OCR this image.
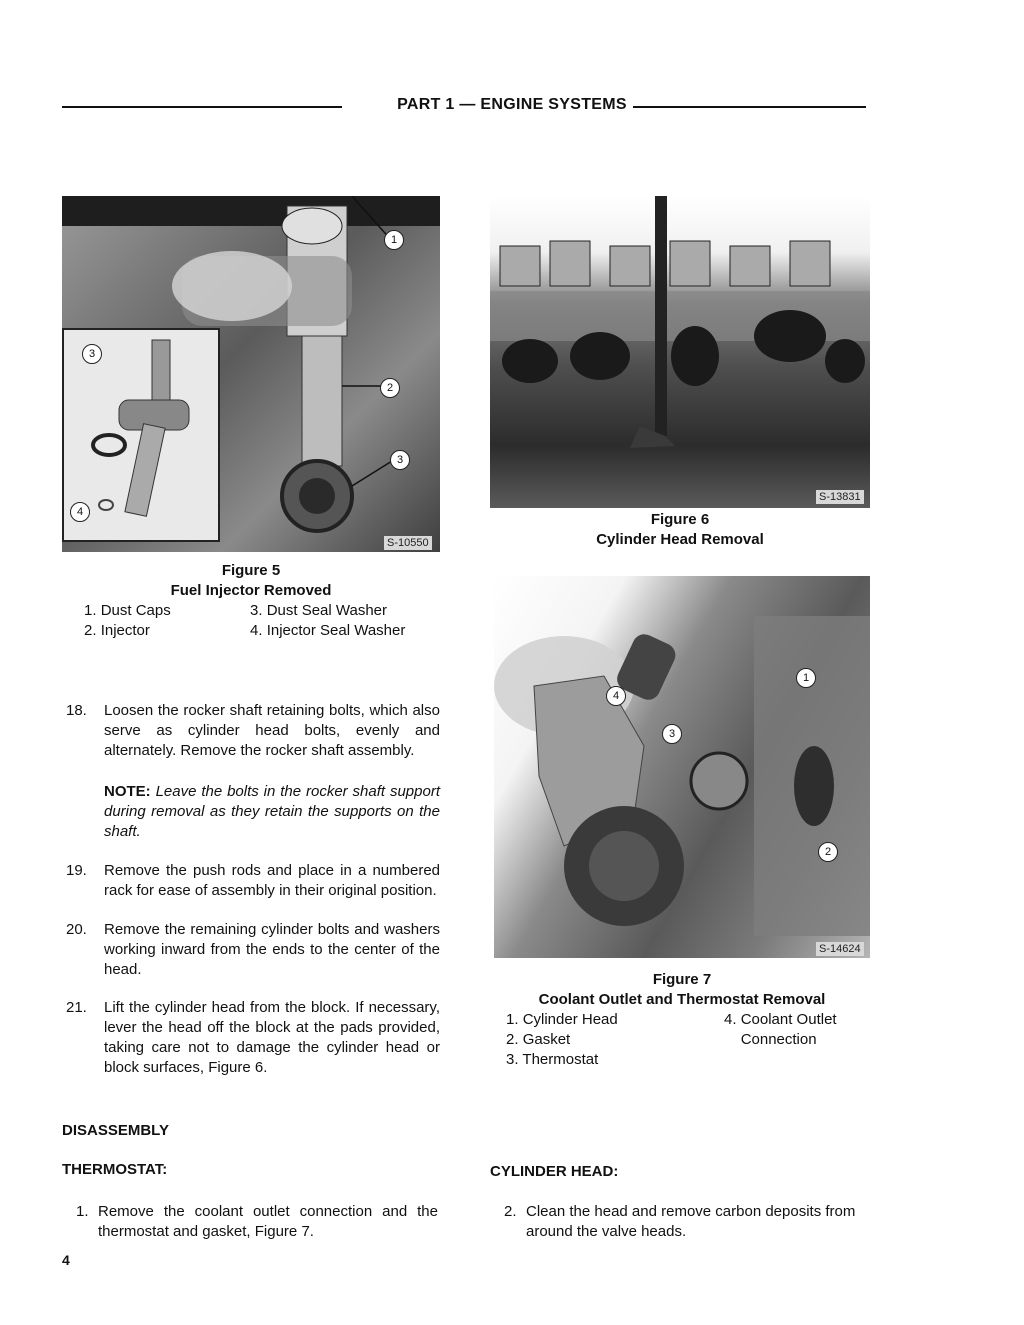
PART 1 — ENGINE SYSTEMS
1
2
3
3
4
S-10550
Figure 5
Fuel Injector Removed
1. Dust Caps
2. Injector
3. Dust Seal Washer
4. Injector Seal Washer
S-13831
Figure 6
Cylinder Head Removal
1
2
3
4
S-14624
Figure 7
Coolant Outlet and Thermostat Removal
1. Cylinder Head
2. Gasket
3. Thermostat
4. Coolant Outlet Connection
18. Loosen the rocker shaft retaining bolts, which also serve as cylinder head bolts, evenly and alternately. Remove the rocker shaft assembly.
NOTE: Leave the bolts in the rocker shaft support during removal as they retain the supports on the shaft.
19. Remove the push rods and place in a numbered rack for ease of assembly in their original position.
20. Remove the remaining cylinder bolts and washers working inward from the ends to the center of the head.
21. Lift the cylinder head from the block. If necessary, lever the head off the block at the pads provided, taking care not to damage the cylinder head or block surfaces, Figure 6.
DISASSEMBLY
THERMOSTAT:	CYLINDER HEAD:
1. Remove the coolant outlet connection and the thermostat and gasket, Figure 7.
2. Clean the head and remove carbon deposits from around the valve heads.
4
